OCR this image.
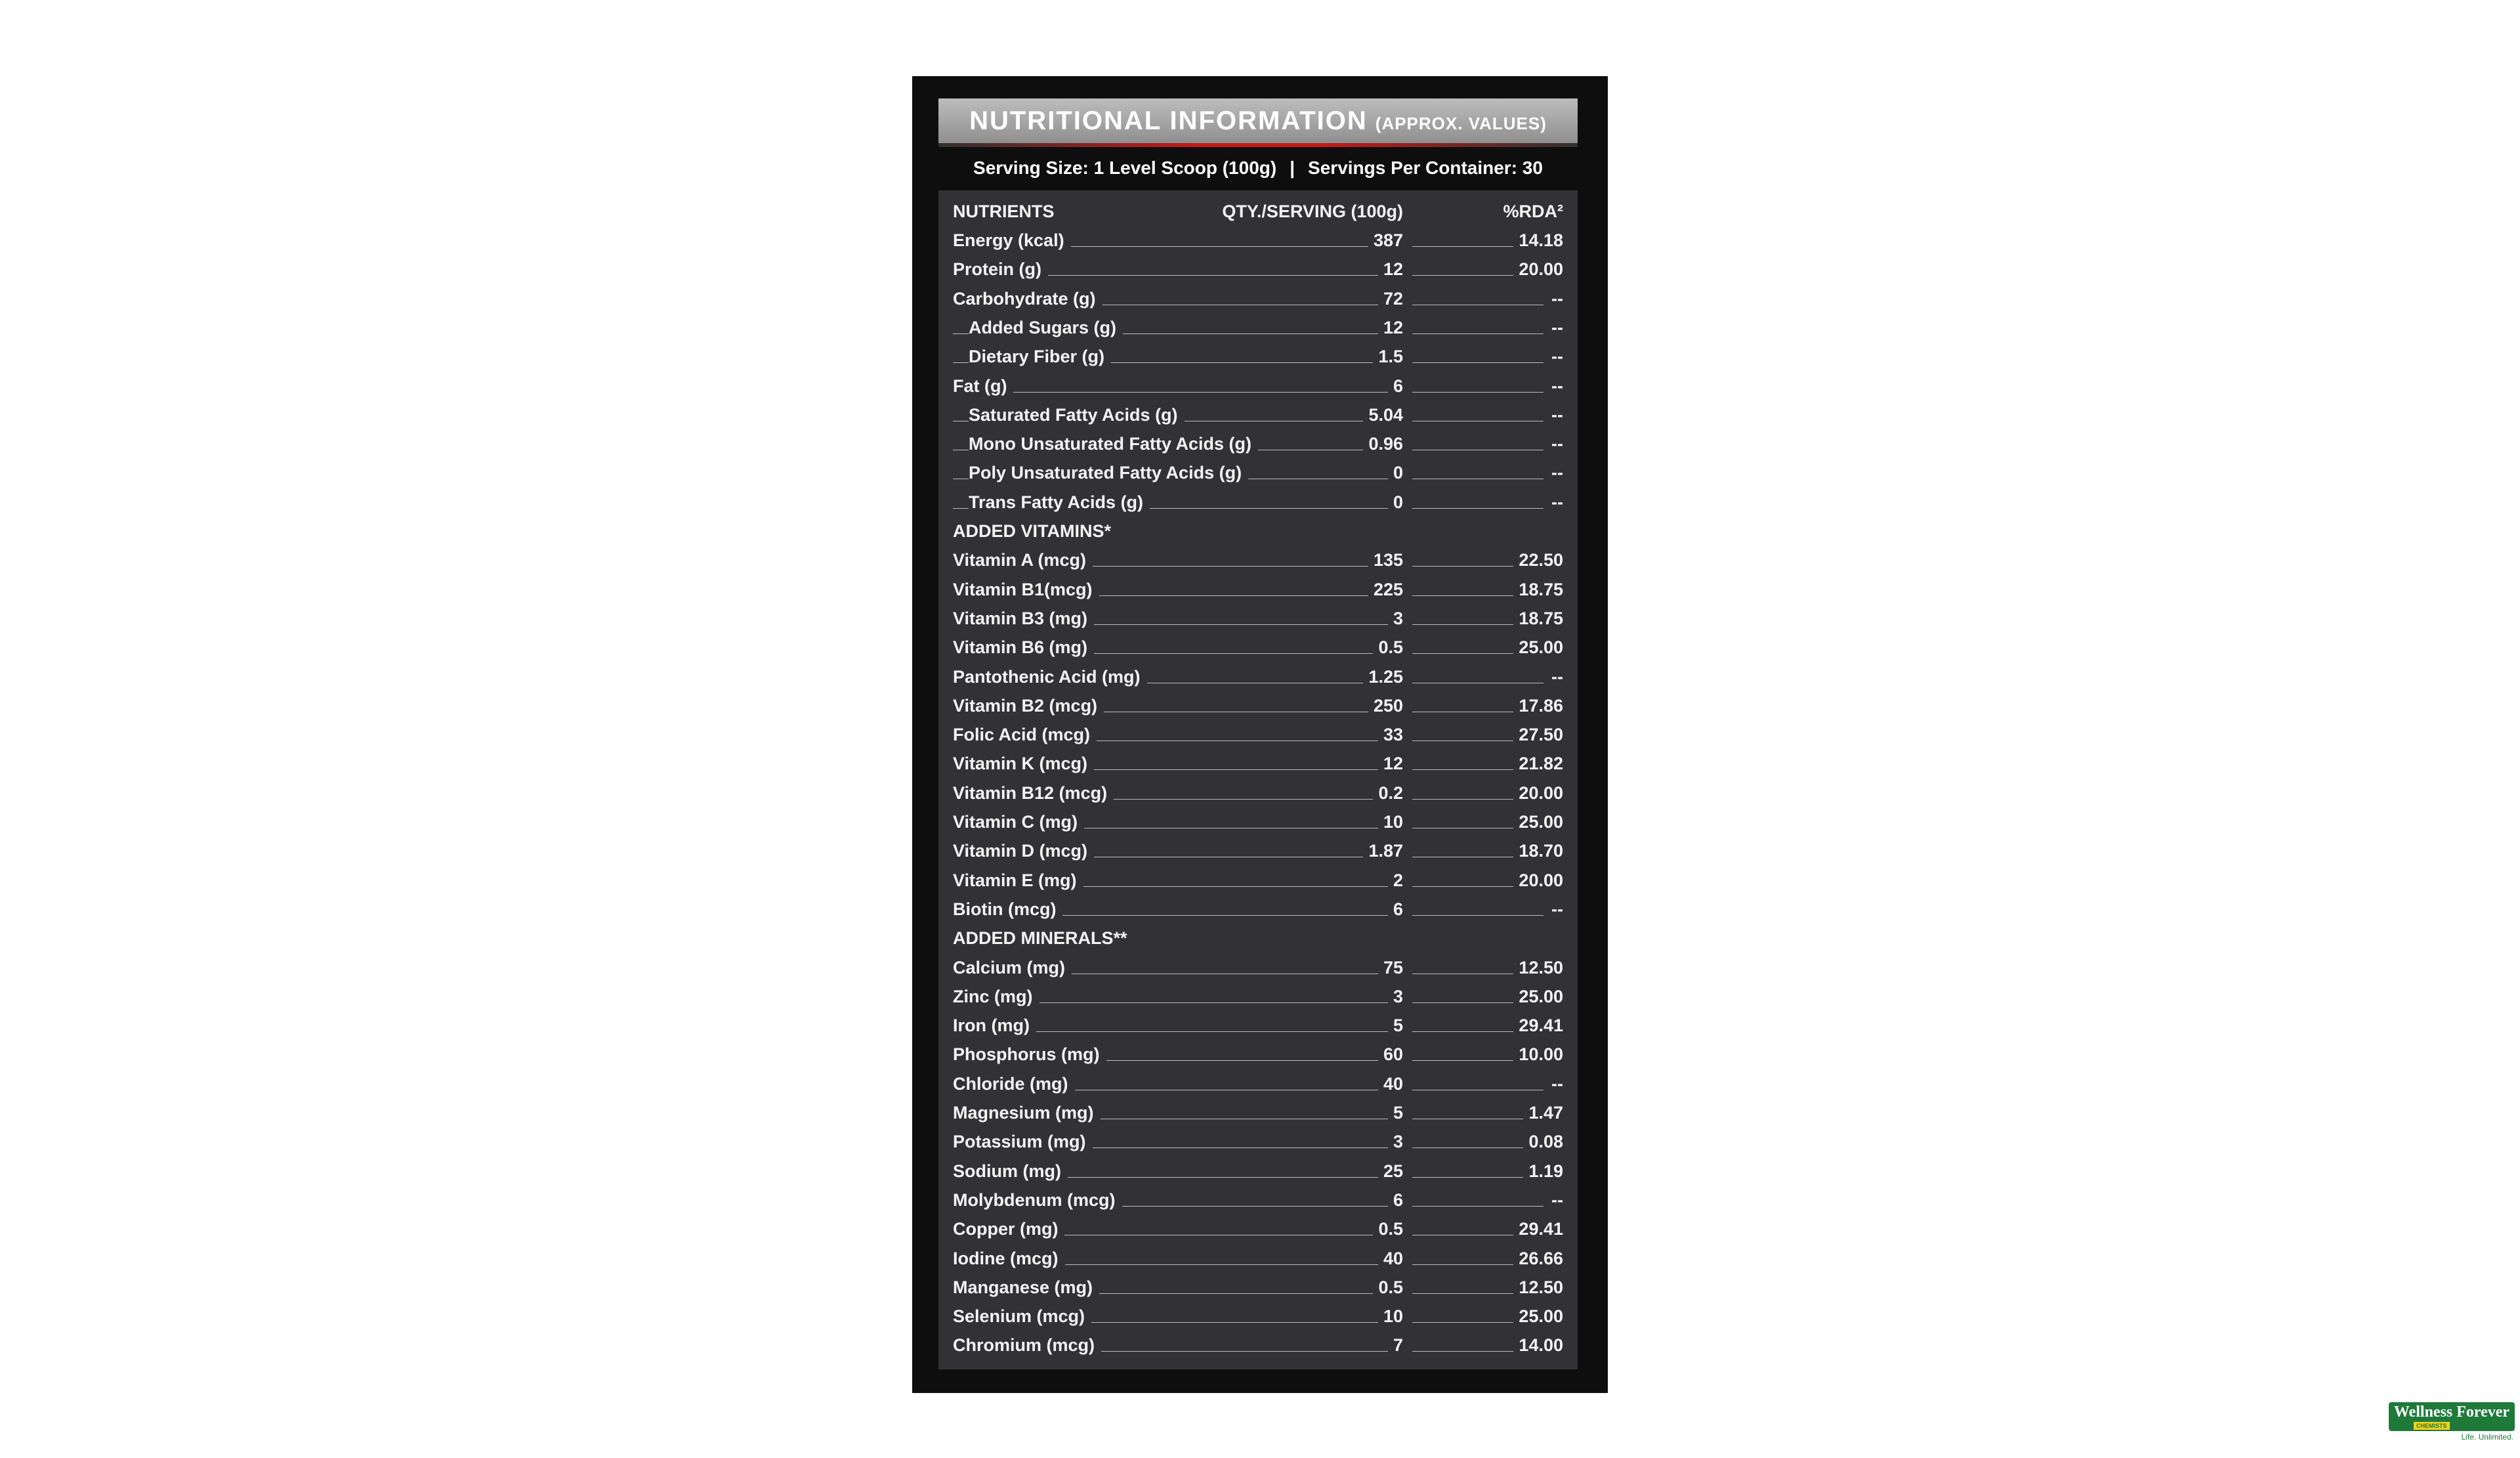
NUTRITIONAL INFORMATION (APPROX. VALUES)
Serving Size: 1 Level Scoop (100g) | Servings Per Container: 30
NUTRIENTS	QTY./SERVING (100g)	%RDA²
Energy (kcal)	387	14.18
Protein (g)	12	20.00
Carbohydrate (g)	72	--
Added Sugars (g)	12	--
Dietary Fiber (g)	1.5	--
Fat (g)	6	--
Saturated Fatty Acids (g)	5.04	--
Mono Unsaturated Fatty Acids (g)	0.96	--
Poly Unsaturated Fatty Acids (g)	0	--
Trans Fatty Acids (g)	0	--
ADDED VITAMINS*
Vitamin A (mcg)	135	22.50
Vitamin B1(mcg)	225	18.75
Vitamin B3 (mg)	3	18.75
Vitamin B6 (mg)	0.5	25.00
Pantothenic Acid (mg)	1.25	--
Vitamin B2 (mcg)	250	17.86
Folic Acid (mcg)	33	27.50
Vitamin K (mcg)	12	21.82
Vitamin B12 (mcg)	0.2	20.00
Vitamin C (mg)	10	25.00
Vitamin D (mcg)	1.87	18.70
Vitamin E (mg)	2	20.00
Biotin (mcg)	6	--
ADDED MINERALS**
Calcium (mg)	75	12.50
Zinc (mg)	3	25.00
Iron (mg)	5	29.41
Phosphorus (mg)	60	10.00
Chloride (mg)	40	--
Magnesium (mg)	5	1.47
Potassium (mg)	3	0.08
Sodium (mg)	25	1.19
Molybdenum (mcg)	6	--
Copper (mg)	0.5	29.41
Iodine (mcg)	40	26.66
Manganese (mg)	0.5	12.50
Selenium (mcg)	10	25.00
Chromium (mcg)	7	14.00
Wellness Forever
CHEMISTS
Life. Unlimited.
